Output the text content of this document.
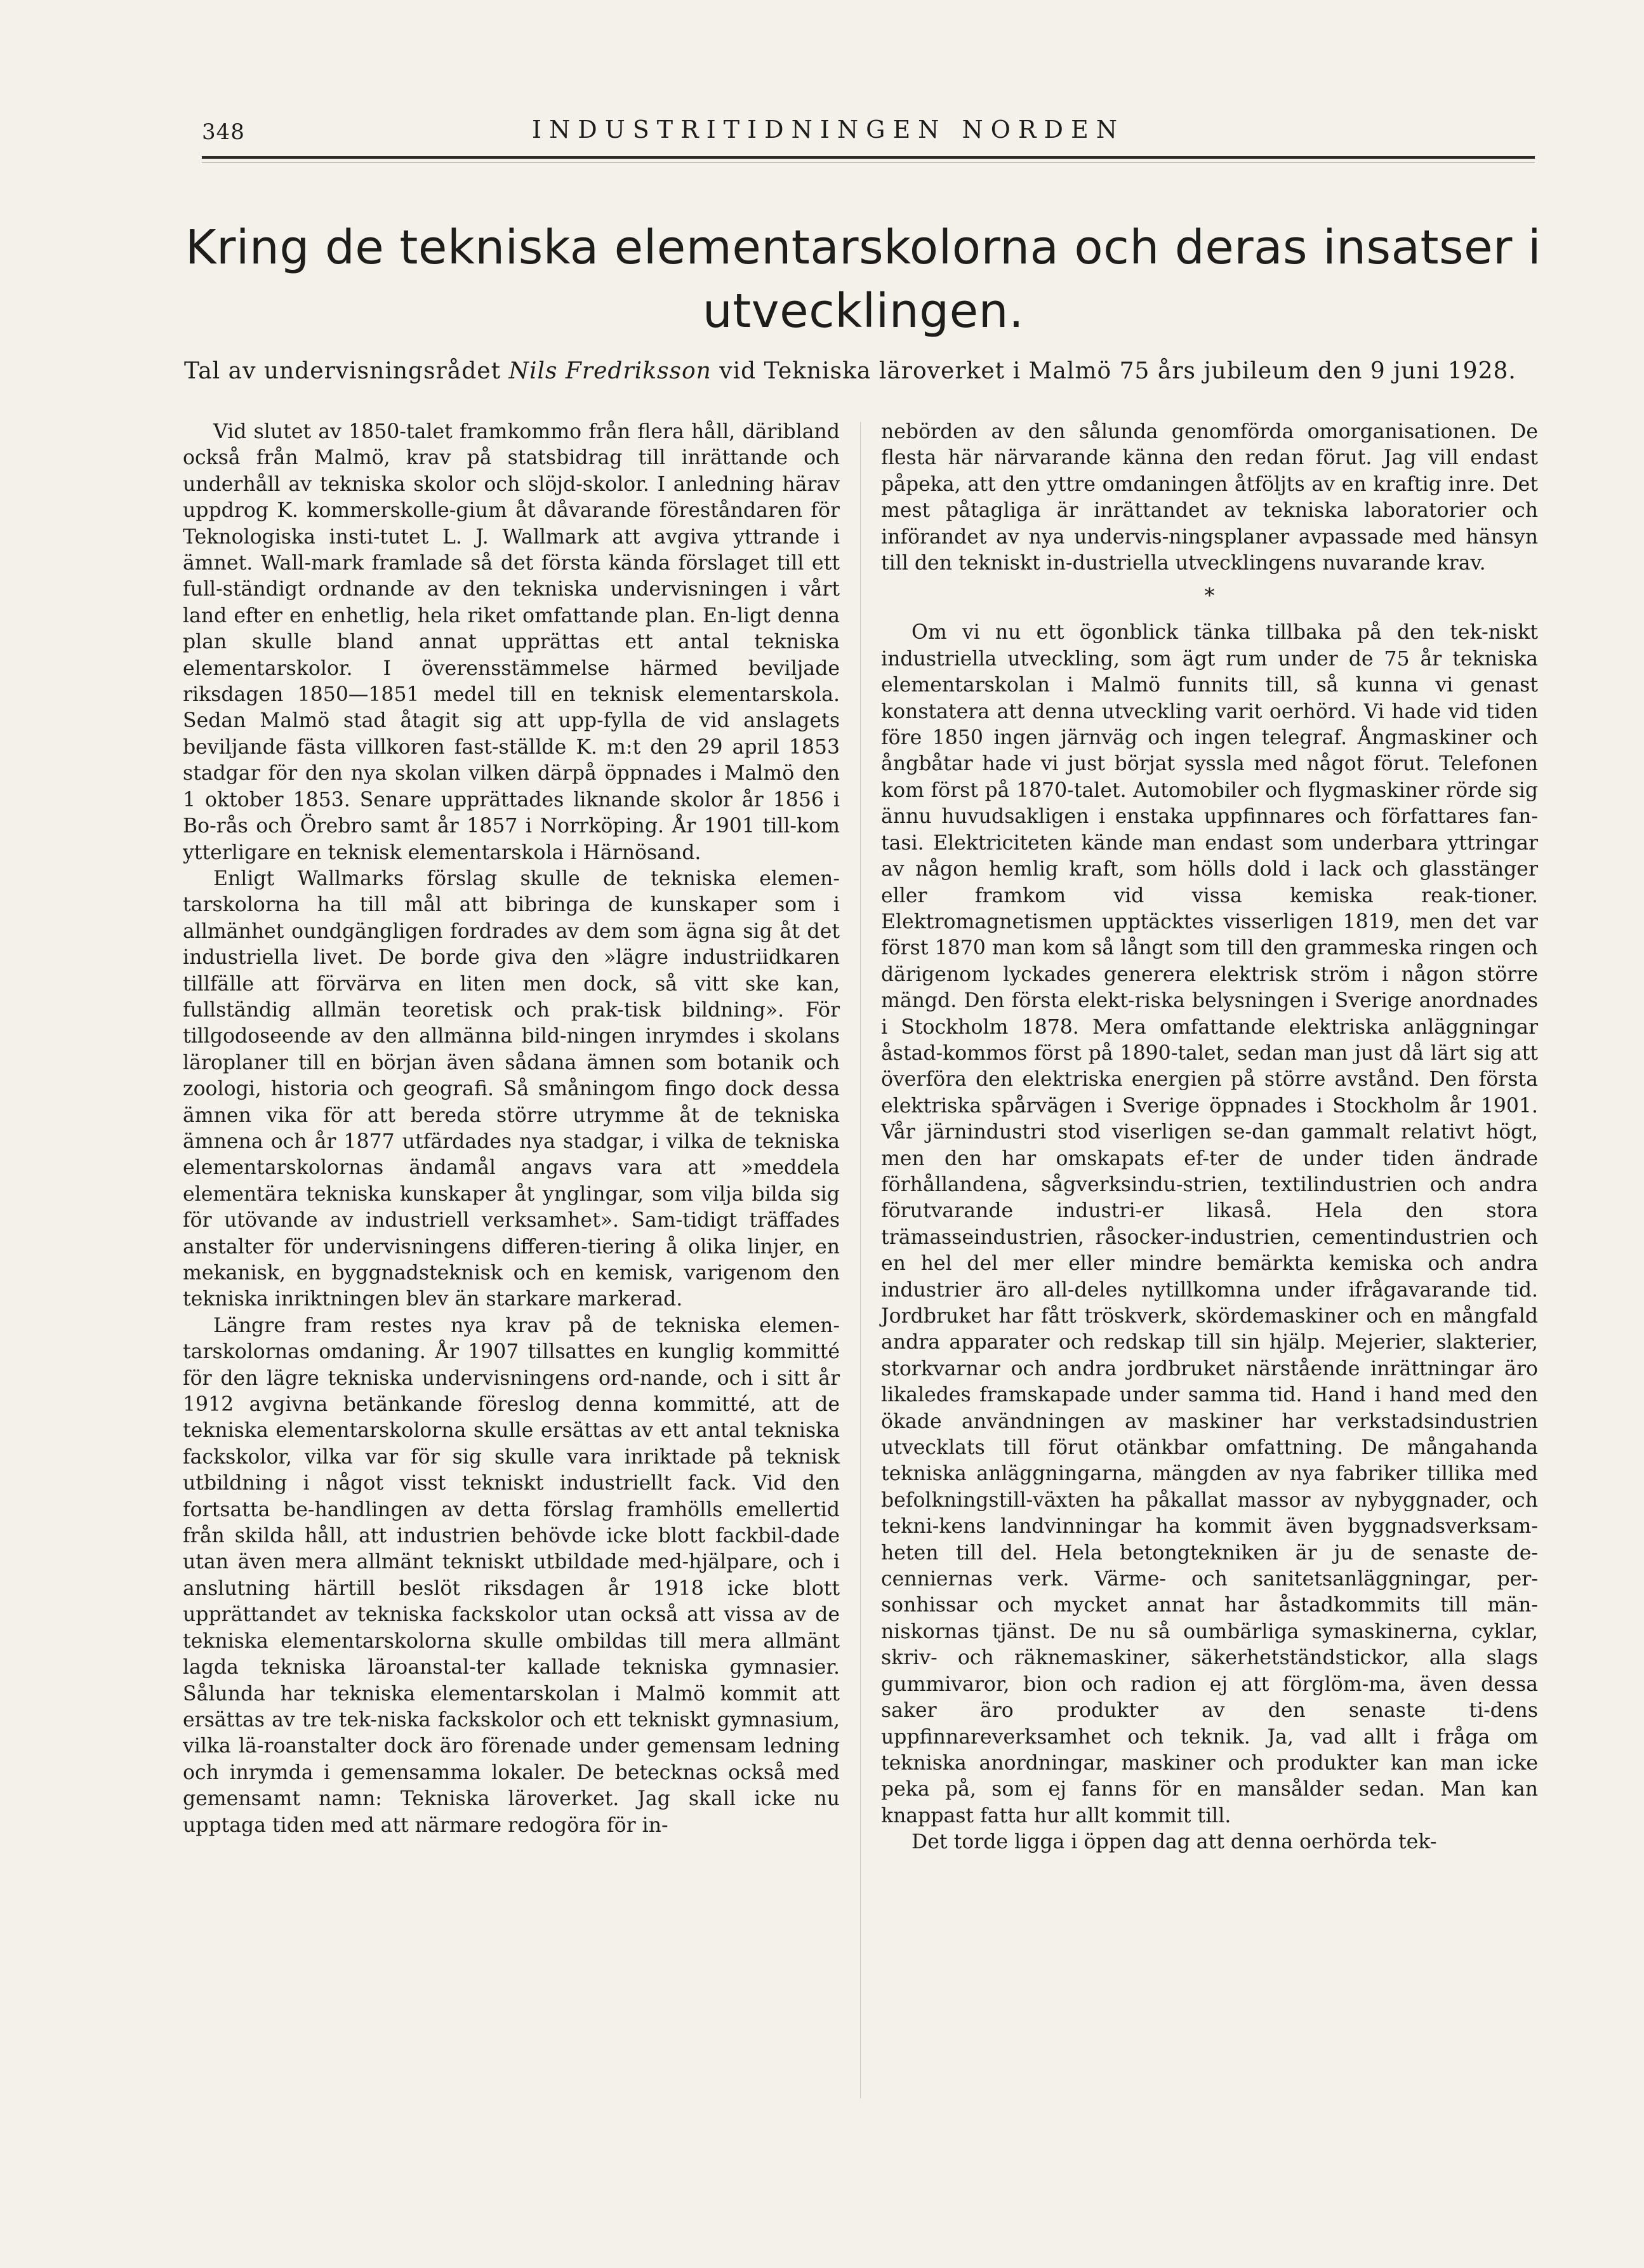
348	INDUSTRITIDNINGEN NORDEN
Kring de tekniska elementarskolorna och deras insatser i utvecklingen.
Tal av undervisningsrådet Nils Fredriksson vid Tekniska läroverket i Malmö 75 års jubileum den 9 juni 1928.

Vid slutet av 1850-talet framkommo från flera håll, däribland också från Malmö, krav på statsbidrag till inrättande och underhåll av tekniska skolor och slöjd-skolor. I anledning härav uppdrog K. kommerskolle-gium åt dåvarande föreståndaren för Teknologiska insti-tutet L. J. Wallmark att avgiva yttrande i ämnet. Wall-mark framlade så det första kända förslaget till ett full-ständigt ordnande av den tekniska undervisningen i vårt land efter en enhetlig, hela riket omfattande plan. En-ligt denna plan skulle bland annat upprättas ett antal tekniska elementarskolor. I överensstämmelse härmed beviljade riksdagen 1850—1851 medel till en teknisk elementarskola. Sedan Malmö stad åtagit sig att upp-fylla de vid anslagets beviljande fästa villkoren fast-ställde K. m:t den 29 april 1853 stadgar för den nya skolan vilken därpå öppnades i Malmö den 1 oktober 1853. Senare upprättades liknande skolor år 1856 i Bo-rås och Örebro samt år 1857 i Norrköping. År 1901 till-kom ytterligare en teknisk elementarskola i Härnösand.

Enligt Wallmarks förslag skulle de tekniska elemen-tarskolorna ha till mål att bibringa de kunskaper som i allmänhet oundgängligen fordrades av dem som ägna sig åt det industriella livet. De borde giva den »lägre industriidkaren tillfälle att förvärva en liten men dock, så vitt ske kan, fullständig allmän teoretisk och prak-tisk bildning». För tillgodoseende av den allmänna bild-ningen inrymdes i skolans läroplaner till en början även sådana ämnen som botanik och zoologi, historia och geografi. Så småningom fingo dock dessa ämnen vika för att bereda större utrymme åt de tekniska ämnena och år 1877 utfärdades nya stadgar, i vilka de tekniska elementarskolornas ändamål angavs vara att »meddela elementära tekniska kunskaper åt ynglingar, som vilja bilda sig för utövande av industriell verksamhet». Sam-tidigt träffades anstalter för undervisningens differen-tiering å olika linjer, en mekanisk, en byggnadsteknisk och en kemisk, varigenom den tekniska inriktningen blev än starkare markerad.

Längre fram restes nya krav på de tekniska elemen-tarskolornas omdaning. År 1907 tillsattes en kunglig kommitté för den lägre tekniska undervisningens ord-nande, och i sitt år 1912 avgivna betänkande föreslog denna kommitté, att de tekniska elementarskolorna skulle ersättas av ett antal tekniska fackskolor, vilka var för sig skulle vara inriktade på teknisk utbildning i något visst tekniskt industriellt fack. Vid den fortsatta be-handlingen av detta förslag framhölls emellertid från skilda håll, att industrien behövde icke blott fackbil-dade utan även mera allmänt tekniskt utbildade med-hjälpare, och i anslutning härtill beslöt riksdagen år 1918 icke blott upprättandet av tekniska fackskolor utan också att vissa av de tekniska elementarskolorna skulle ombildas till mera allmänt lagda tekniska läroanstal-ter kallade tekniska gymnasier. Sålunda har tekniska elementarskolan i Malmö kommit att ersättas av tre tek-niska fackskolor och ett tekniskt gymnasium, vilka lä-roanstalter dock äro förenade under gemensam ledning och inrymda i gemensamma lokaler. De betecknas också med gemensamt namn: Tekniska läroverket. Jag skall icke nu upptaga tiden med att närmare redogöra för in-

nebörden av den sålunda genomförda omorganisationen. De flesta här närvarande känna den redan förut. Jag vill endast påpeka, att den yttre omdaningen åtföljts av en kraftig inre. Det mest påtagliga är inrättandet av tekniska laboratorier och införandet av nya undervis-ningsplaner avpassade med hänsyn till den tekniskt in-dustriella utvecklingens nuvarande krav.

*

Om vi nu ett ögonblick tänka tillbaka på den tek-niskt industriella utveckling, som ägt rum under de 75 år tekniska elementarskolan i Malmö funnits till, så kunna vi genast konstatera att denna utveckling varit oerhörd. Vi hade vid tiden före 1850 ingen järnväg och ingen telegraf. Ångmaskiner och ångbåtar hade vi just börjat syssla med något förut. Telefonen kom först på 1870-talet. Automobiler och flygmaskiner rörde sig ännu huvudsakligen i enstaka uppfinnares och författares fan-tasi. Elektriciteten kände man endast som underbara yttringar av någon hemlig kraft, som hölls dold i lack och glasstänger eller framkom vid vissa kemiska reak-tioner. Elektromagnetismen upptäcktes visserligen 1819, men det var först 1870 man kom så långt som till den grammeska ringen och därigenom lyckades generera elektrisk ström i någon större mängd. Den första elekt-riska belysningen i Sverige anordnades i Stockholm 1878. Mera omfattande elektriska anläggningar åstad-kommos först på 1890-talet, sedan man just då lärt sig att överföra den elektriska energien på större avstånd. Den första elektriska spårvägen i Sverige öppnades i Stockholm år 1901. Vår järnindustri stod viserligen se-dan gammalt relativt högt, men den har omskapats ef-ter de under tiden ändrade förhållandena, sågverksindu-strien, textilindustrien och andra förutvarande industri-er likaså. Hela den stora trämasseindustrien, råsocker-industrien, cementindustrien och en hel del mer eller mindre bemärkta kemiska och andra industrier äro all-deles nytillkomna under ifrågavarande tid. Jordbruket har fått tröskverk, skördemaskiner och en mångfald andra apparater och redskap till sin hjälp. Mejerier, slakterier, storkvarnar och andra jordbruket närstående inrättningar äro likaledes framskapade under samma tid. Hand i hand med den ökade användningen av maskiner har verkstadsindustrien utvecklats till förut otänkbar omfattning. De mångahanda tekniska anläggningarna, mängden av nya fabriker tillika med befolkningstill-växten ha påkallat massor av nybyggnader, och tekni-kens landvinningar ha kommit även byggnadsverksam-heten till del. Hela betongtekniken är ju de senaste de-cenniernas verk. Värme- och sanitetsanläggningar, per-sonhissar och mycket annat har åstadkommits till män-niskornas tjänst. De nu så oumbärliga symaskinerna, cyklar, skriv- och räknemaskiner, säkerhetständstickor, alla slags gummivaror, bion och radion ej att förglöm-ma, även dessa saker äro produkter av den senaste ti-dens uppfinnareverksamhet och teknik. Ja, vad allt i fråga om tekniska anordningar, maskiner och produkter kan man icke peka på, som ej fanns för en mansålder sedan. Man kan knappast fatta hur allt kommit till.

Det torde ligga i öppen dag att denna oerhörda tek-
